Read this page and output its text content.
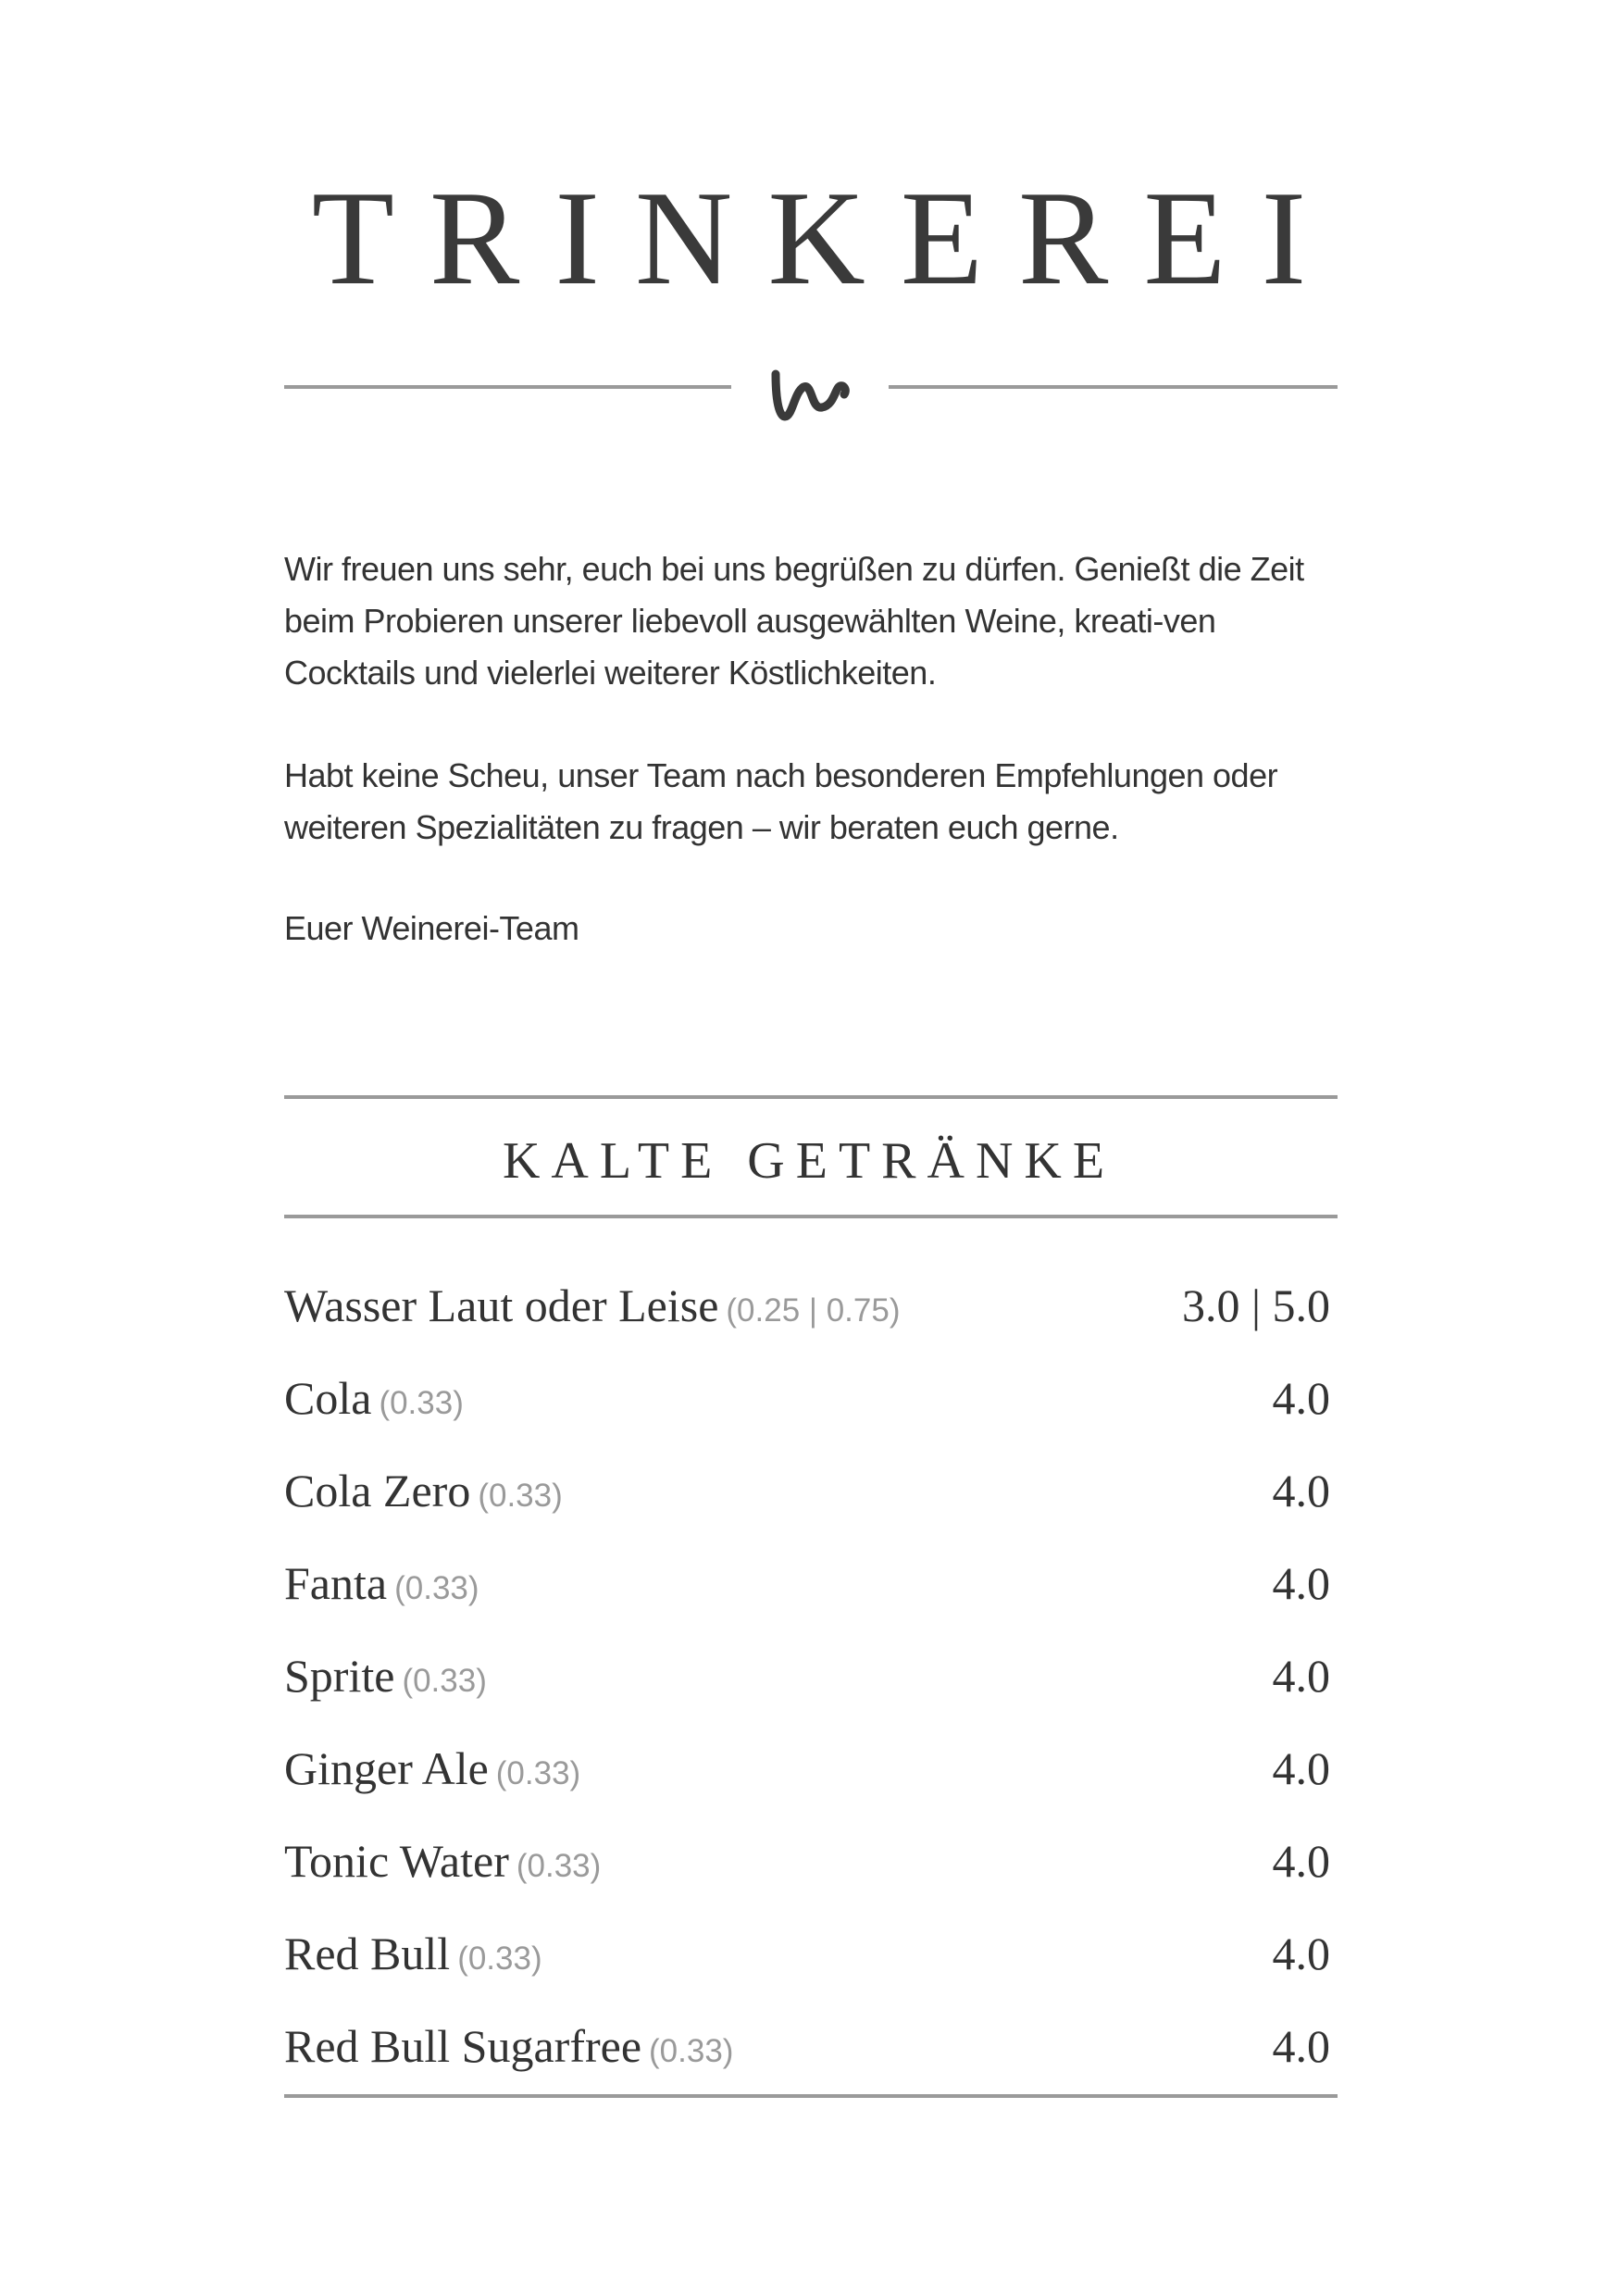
TRINKEREI

Wir freuen uns sehr, euch bei uns begrüßen zu dürfen. Genießt die Zeit beim Probieren unserer liebevoll ausgewählten Weine, kreati-ven Cocktails und vielerlei weiterer Köstlichkeiten.

Habt keine Scheu, unser Team nach besonderen Empfehlungen oder weiteren Spezialitäten zu fragen – wir beraten euch gerne.

Euer Weinerei-Team

KALTE GETRÄNKE
Wasser Laut oder Leise (0.25 | 0.75)	3.0 | 5.0
Cola (0.33)	4.0
Cola Zero (0.33)	4.0
Fanta (0.33)	4.0
Sprite (0.33)	4.0
Ginger Ale (0.33)	4.0
Tonic Water (0.33)	4.0
Red Bull (0.33)	4.0
Red Bull Sugarfree (0.33)	4.0
